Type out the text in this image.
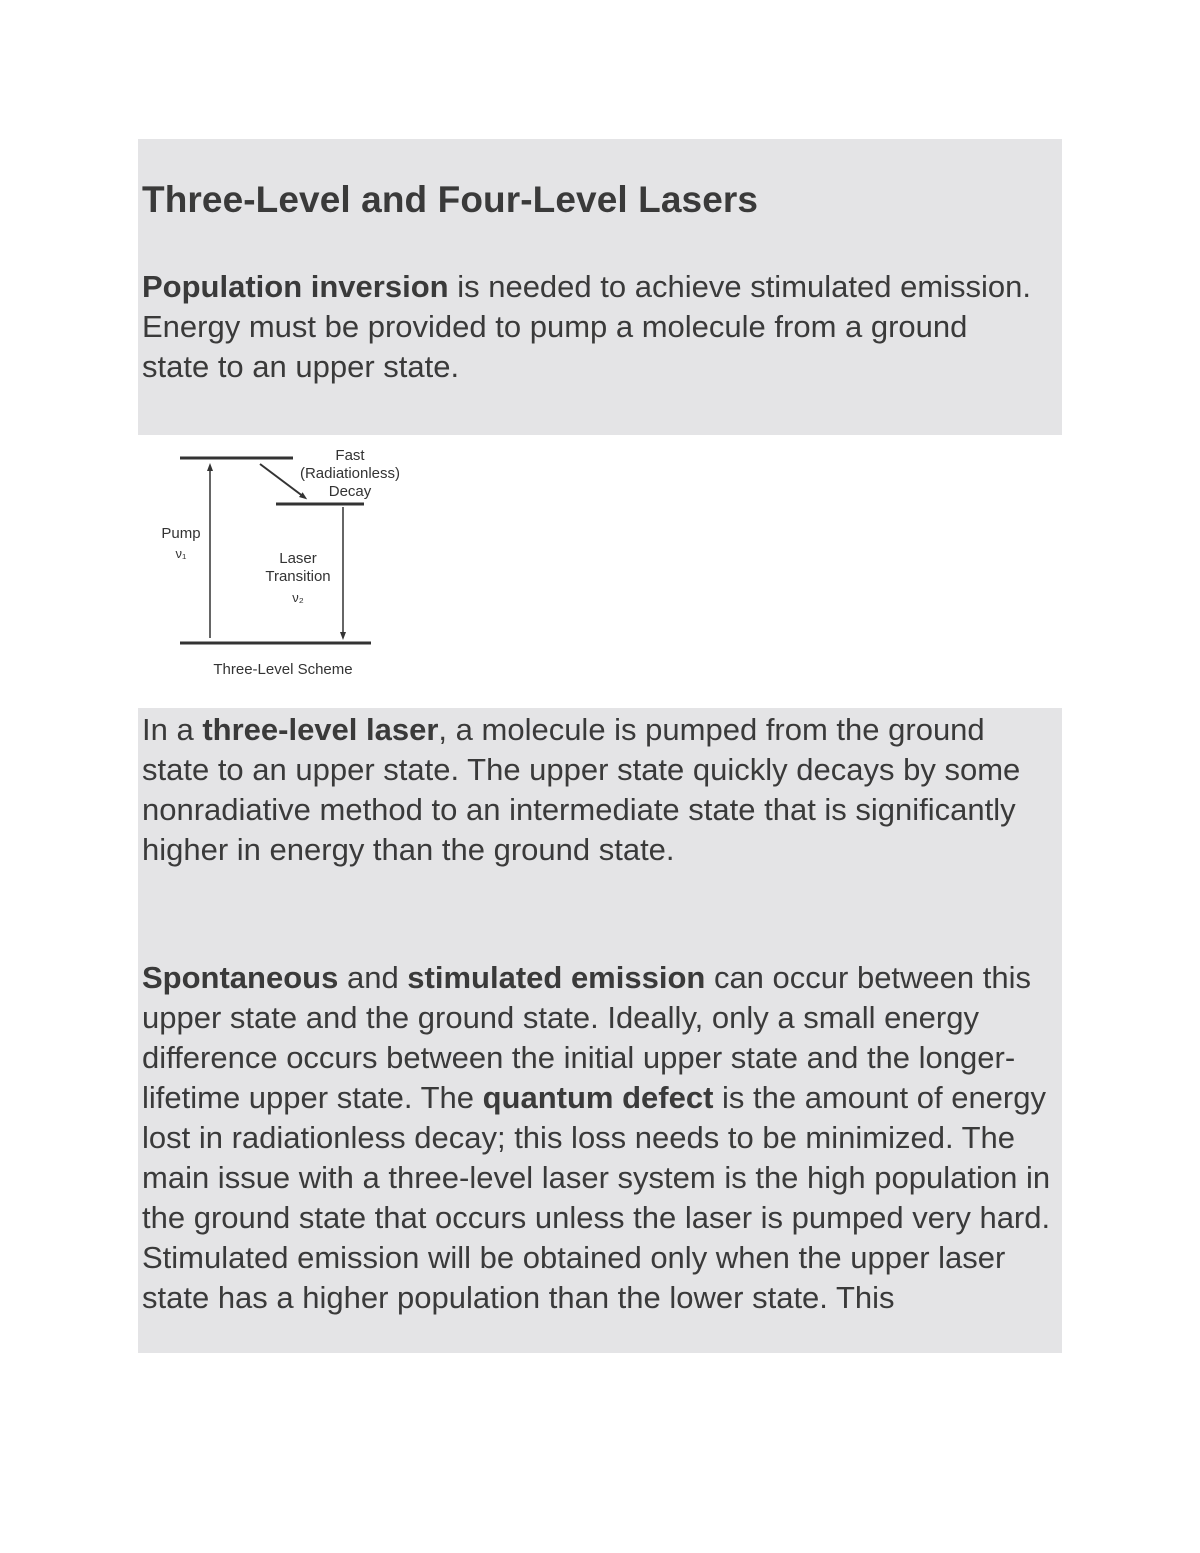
Three-Level and Four-Level Lasers

Population inversion is needed to achieve stimulated emission. Energy must be provided to pump a molecule from a ground state to an upper state.

Fast
(Radiationless)
Decay
Pump
ν₁	Laser
Transition
ν₂
Three-Level Scheme

In a three-level laser, a molecule is pumped from the ground state to an upper state. The upper state quickly decays by some nonradiative method to an intermediate state that is significantly higher in energy than the ground state.

Spontaneous and stimulated emission can occur between this upper state and the ground state. Ideally, only a small energy difference occurs between the initial upper state and the longer-lifetime upper state. The quantum defect is the amount of energy lost in radiationless decay; this loss needs to be minimized. The main issue with a three-level laser system is the high population in the ground state that occurs unless the laser is pumped very hard. Stimulated emission will be obtained only when the upper laser state has a higher population than the lower state. This
